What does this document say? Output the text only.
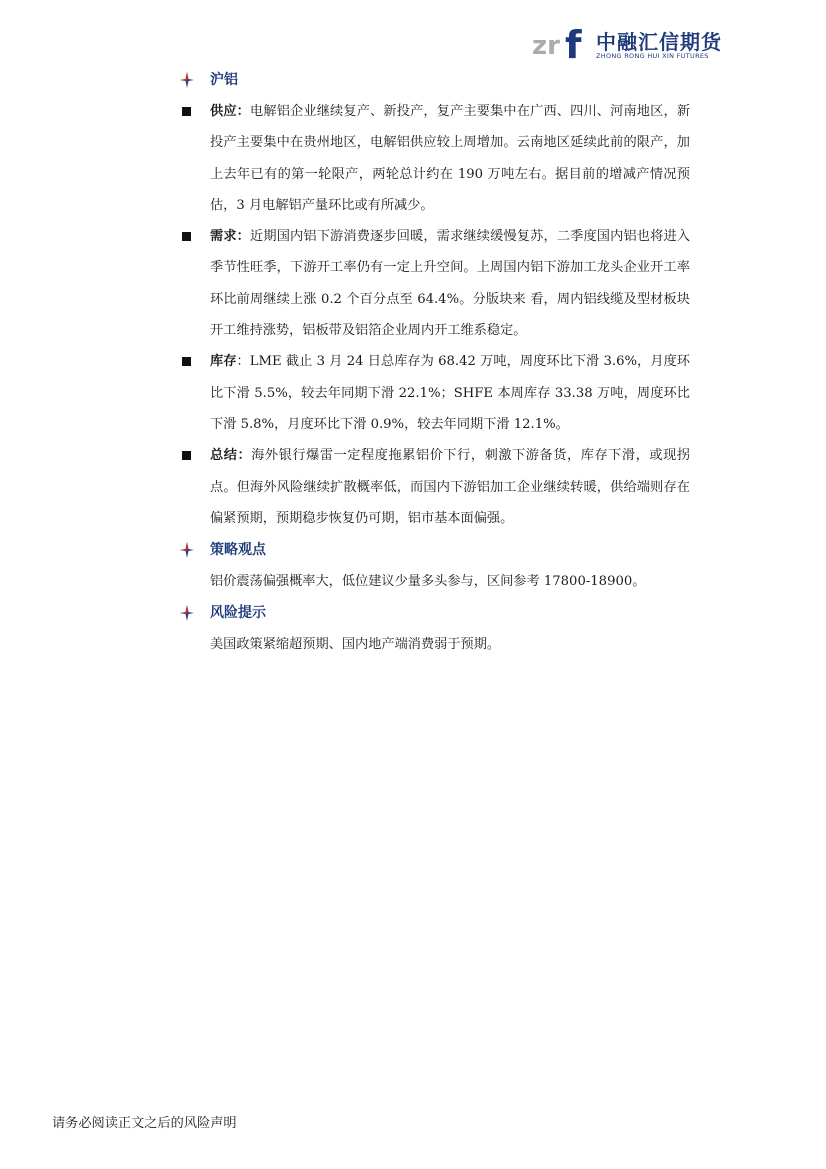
zr f 中融汇信期货
ZHONG RONG HUI XIN FUTURES
沪铝
供应：电解铝企业继续复产、新投产，复产主要集中在广西、四川、河南地区，新投产主要集中在贵州地区，电解铝供应较上周增加。云南地区延续此前的限产，加上去年已有的第一轮限产，两轮总计约在 190 万吨左右。据目前的增减产情况预估，3 月电解铝产量环比或有所减少。
需求：近期国内铝下游消费逐步回暖，需求继续缓慢复苏，二季度国内铝也将进入季节性旺季，下游开工率仍有一定上升空间。上周国内铝下游加工龙头企业开工率环比前周继续上涨 0.2 个百分点至 64.4%。分版块来 看，周内铝线缆及型材板块开工维持涨势，铝板带及铝箔企业周内开工维系稳定。
库存：LME 截止 3 月 24 日总库存为 68.42 万吨，周度环比下滑 3.6%，月度环比下滑 5.5%，较去年同期下滑 22.1%；SHFE 本周库存 33.38 万吨，周度环比下滑 5.8%，月度环比下滑 0.9%，较去年同期下滑 12.1%。
总结：海外银行爆雷一定程度拖累铝价下行，刺激下游备货，库存下滑，或现拐点。但海外风险继续扩散概率低，而国内下游铝加工企业继续转暖，供给端则存在偏紧预期，预期稳步恢复仍可期，铝市基本面偏强。
策略观点
铝价震荡偏强概率大，低位建议少量多头参与，区间参考 17800-18900。
风险提示
美国政策紧缩超预期、国内地产端消费弱于预期。
请务必阅读正文之后的风险声明
